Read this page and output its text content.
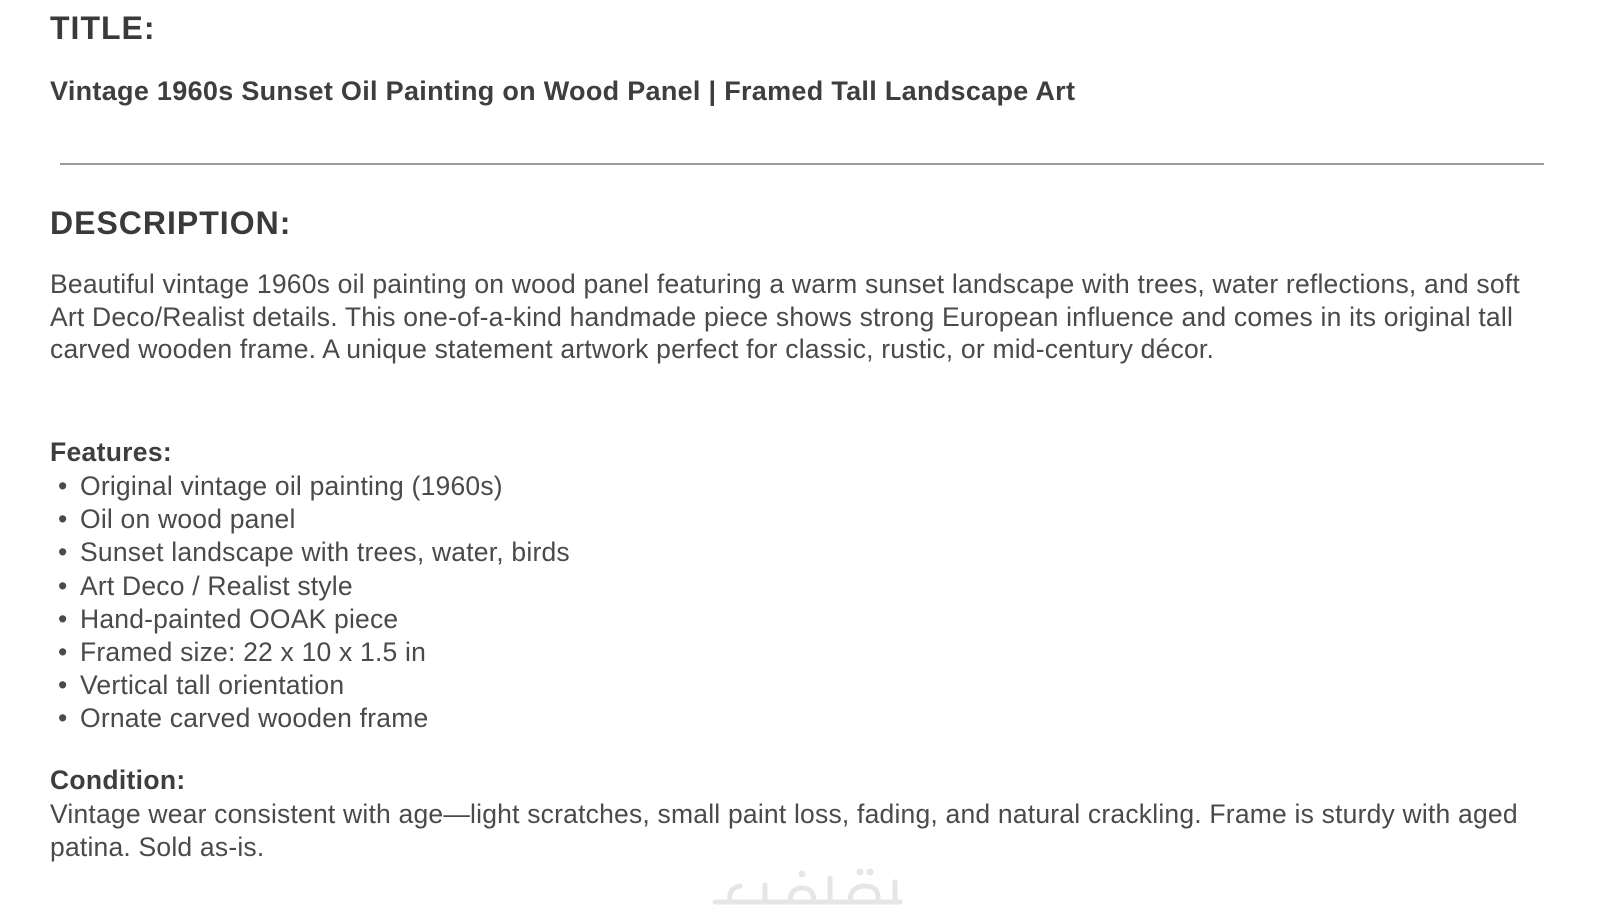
TITLE:
Vintage 1960s Sunset Oil Painting on Wood Panel | Framed Tall Landscape Art
DESCRIPTION:
Beautiful vintage 1960s oil painting on wood panel featuring a warm sunset landscape with trees, water reflections, and soft Art Deco/Realist details. This one-of-a-kind handmade piece shows strong European influence and comes in its original tall carved wooden frame. A unique statement artwork perfect for classic, rustic, or mid-century décor.
Features:
• Original vintage oil painting (1960s)
• Oil on wood panel
• Sunset landscape with trees, water, birds
• Art Deco / Realist style
• Hand-painted OOAK piece
• Framed size: 22 x 10 x 1.5 in
• Vertical tall orientation
• Ornate carved wooden frame
Condition:
Vintage wear consistent with age—light scratches, small paint loss, fading, and natural crackling. Frame is sturdy with aged patina. Sold as-is.
